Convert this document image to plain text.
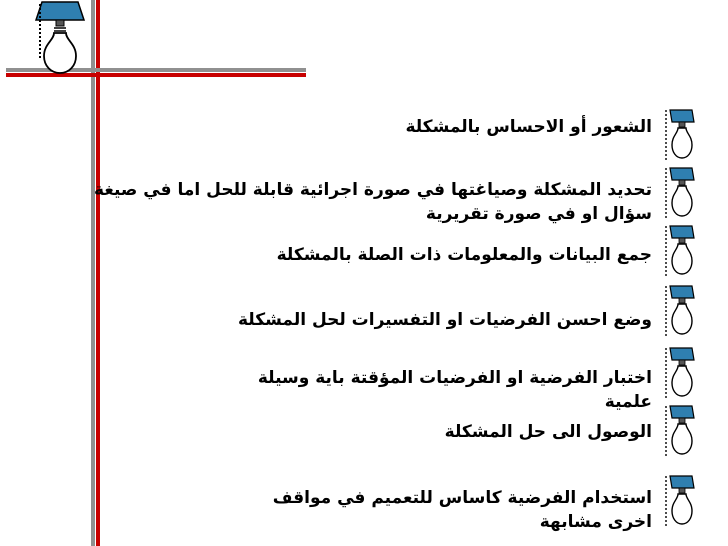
الشعور أو الاحساس بالمشكلة
تحديد المشكلة وصياغتها في صورة اجرائية قابلة للحل اما في صيغة سؤال او في صورة تقريرية
جمع البيانات والمعلومات ذات الصلة بالمشكلة
وضع احسن الفرضيات او التفسيرات لحل المشكلة
اختبار الفرضية او الفرضيات المؤقتة باية وسيلة علمية
الوصول الى حل المشكلة
استخدام الفرضية كاساس للتعميم في مواقف اخرى مشابهة
